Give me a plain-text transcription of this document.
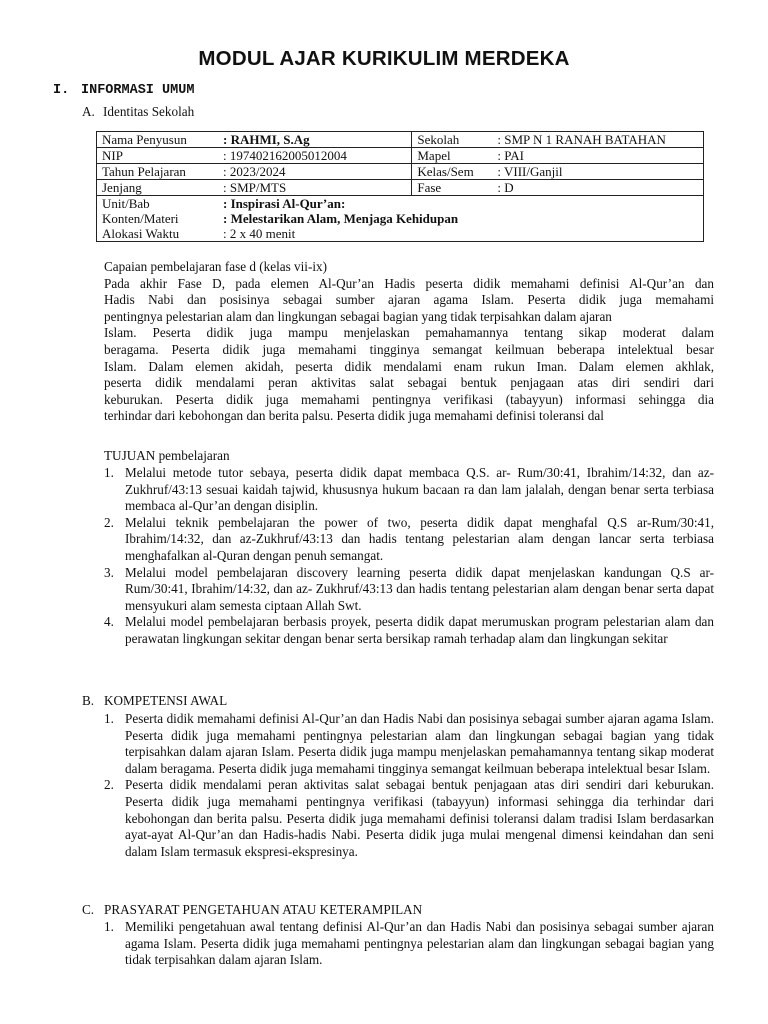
MODUL AJAR KURIKULIM MERDEKA
I. INFORMASI UMUM
A. Identitas Sekolah
Nama Penyusun : RAHMI, S.Ag	Sekolah : SMP N 1 RANAH BATAHAN
NIP : 197402162005012004	Mapel : PAI
Tahun Pelajaran : 2023/2024	Kelas/Sem : VIII/Ganjil
Jenjang : SMP/MTS	Fase : D

Unit/Bab : Inspirasi Al-Qur’an:
Konten/Materi : Melestarikan Alam, Menjaga Kehidupan
Alokasi Waktu : 2 x 40 menit	

Capaian pembelajaran fase d (kelas vii-ix)

Pada akhir Fase D, pada elemen Al-Qur’an Hadis peserta didik memahami definisi Al-Qur’an dan

Hadis Nabi dan posisinya sebagai sumber ajaran agama Islam. Peserta didik juga memahami

pentingnya pelestarian alam dan lingkungan sebagai bagian yang tidak terpisahkan dalam ajaran

Islam. Peserta didik juga mampu menjelaskan pemahamannya tentang sikap moderat dalam

beragama. Peserta didik juga memahami tingginya semangat keilmuan beberapa intelektual besar

Islam. Dalam elemen akidah, peserta didik mendalami enam rukun Iman. Dalam elemen akhlak,

peserta didik mendalami peran aktivitas salat sebagai bentuk penjagaan atas diri sendiri dari

keburukan. Peserta didik juga memahami pentingnya verifikasi (tabayyun) informasi sehingga dia

terhindar dari kebohongan dan berita palsu. Peserta didik juga memahami definisi toleransi dal

TUJUAN pembelajaran
1. Melalui metode tutor sebaya, peserta didik dapat membaca Q.S. ar- Rum/30:41, Ibrahim/14:32, dan az-Zukhruf/43:13 sesuai kaidah tajwid, khususnya hukum bacaan ra dan lam jalalah, dengan benar serta terbiasa membaca al-Qur’an dengan disiplin.
2. Melalui teknik pembelajaran the power of two, peserta didik dapat menghafal Q.S ar-Rum/30:41, Ibrahim/14:32, dan az-Zukhruf/43:13 dan hadis tentang pelestarian alam dengan lancar serta terbiasa menghafalkan al-Quran dengan penuh semangat.
3. Melalui model pembelajaran discovery learning peserta didik dapat menjelaskan kandungan Q.S ar-Rum/30:41, Ibrahim/14:32, dan az- Zukhruf/43:13 dan hadis tentang pelestarian alam dengan benar serta dapat mensyukuri alam semesta ciptaan Allah Swt.
4. Melalui model pembelajaran berbasis proyek, peserta didik dapat merumuskan program pelestarian alam dan perawatan lingkungan sekitar dengan benar serta bersikap ramah terhadap alam dan lingkungan sekitar
B. KOMPETENSI AWAL
1. Peserta didik memahami definisi Al-Qur’an dan Hadis Nabi dan posisinya sebagai sumber ajaran agama Islam. Peserta didik juga memahami pentingnya pelestarian alam dan lingkungan sebagai bagian yang tidak terpisahkan dalam ajaran Islam. Peserta didik juga mampu menjelaskan pemahamannya tentang sikap moderat dalam beragama. Peserta didik juga memahami tingginya semangat keilmuan beberapa intelektual besar Islam.
2. Peserta didik mendalami peran aktivitas salat sebagai bentuk penjagaan atas diri sendiri dari keburukan. Peserta didik juga memahami pentingnya verifikasi (tabayyun) informasi sehingga dia terhindar dari kebohongan dan berita palsu. Peserta didik juga memahami definisi toleransi dalam tradisi Islam berdasarkan ayat-ayat Al-Qur’an dan Hadis-hadis Nabi. Peserta didik juga mulai mengenal dimensi keindahan dan seni dalam Islam termasuk ekspresi-ekspresinya.
C. PRASYARAT PENGETAHUAN ATAU KETERAMPILAN
1. Memiliki pengetahuan awal tentang definisi Al-Qur’an dan Hadis Nabi dan posisinya sebagai sumber ajaran agama Islam. Peserta didik juga memahami pentingnya pelestarian alam dan lingkungan sebagai bagian yang tidak terpisahkan dalam ajaran Islam.
